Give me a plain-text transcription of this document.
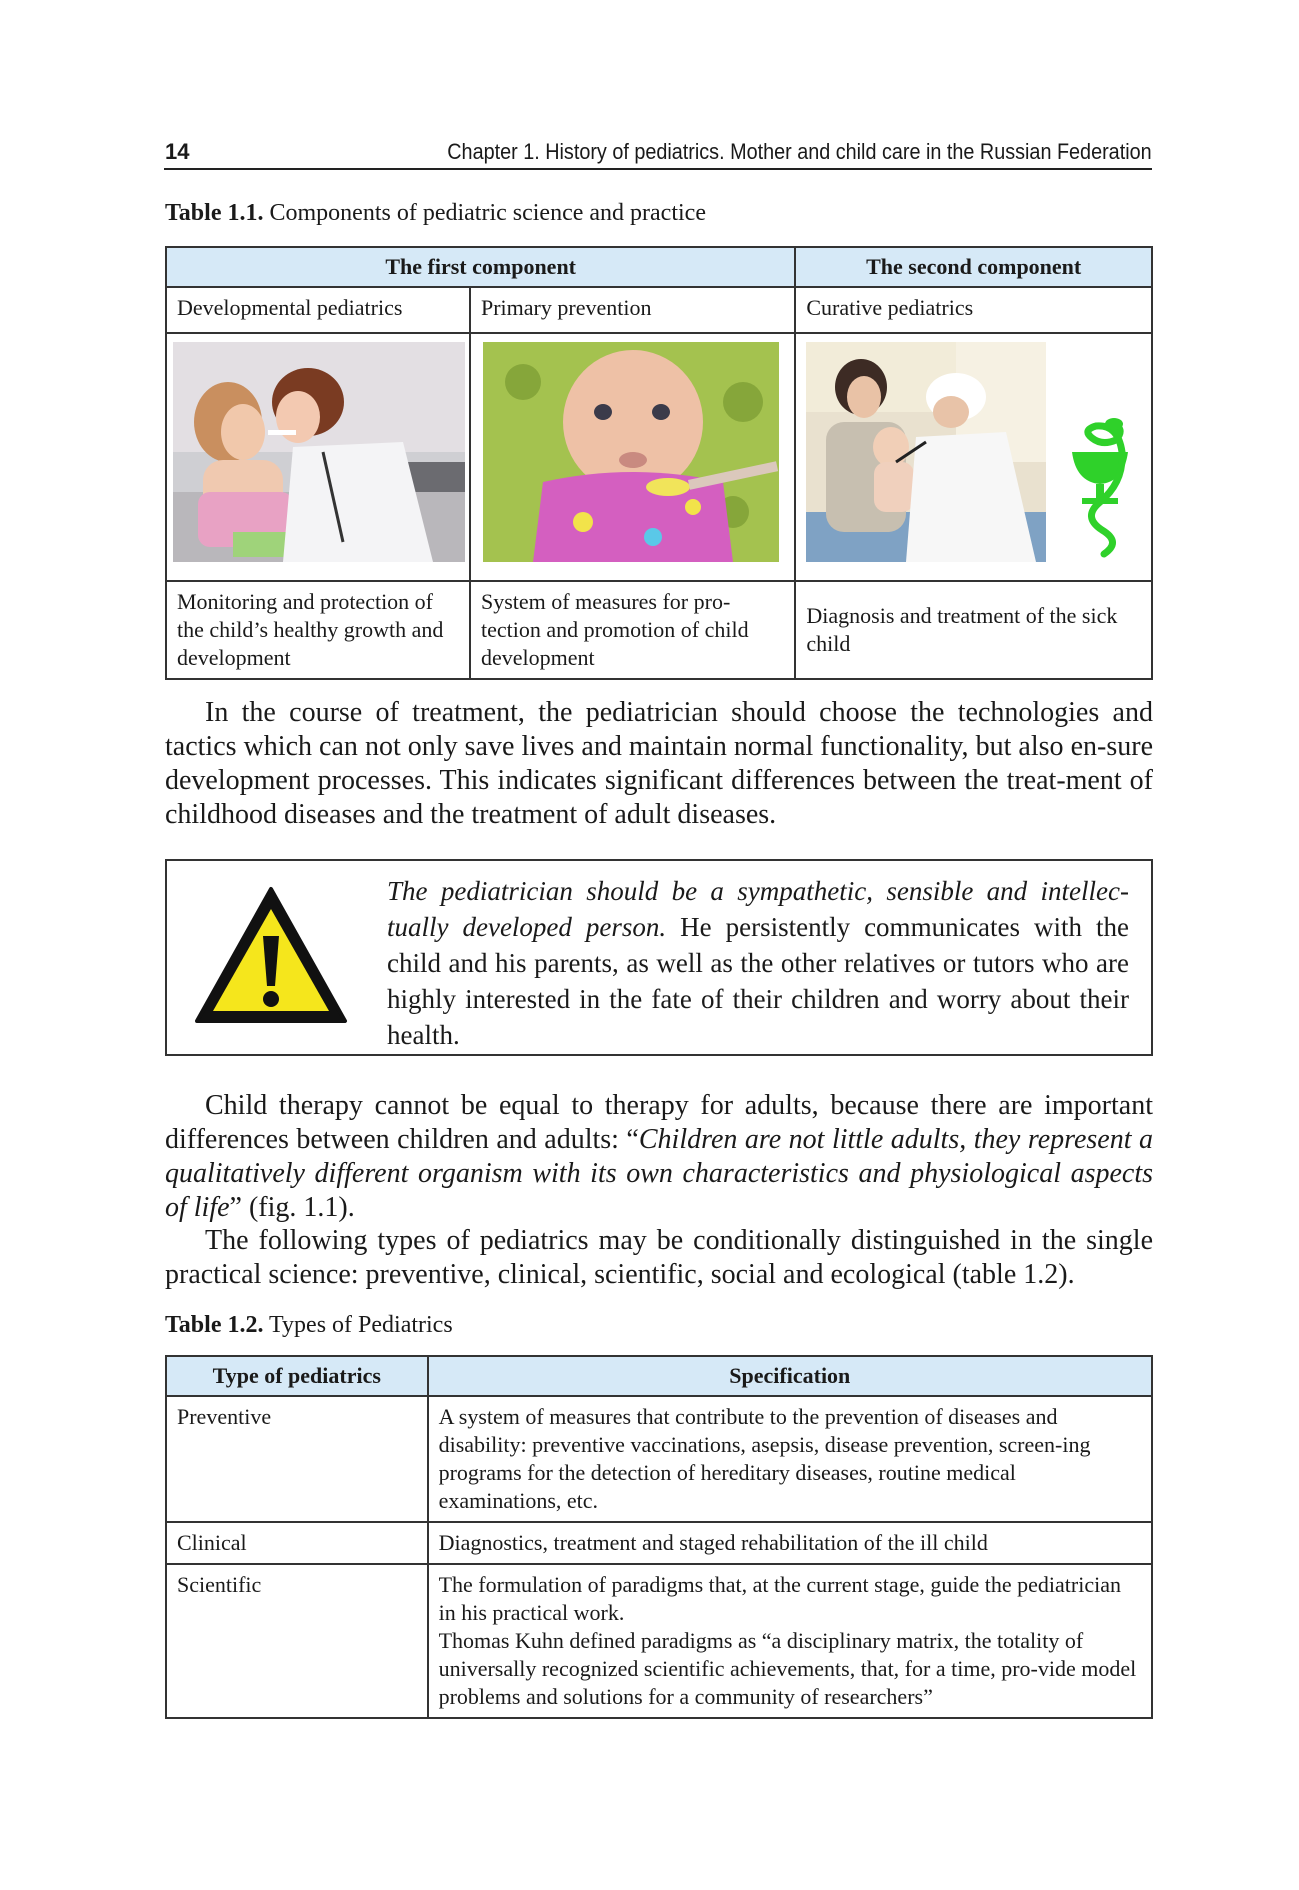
14	Chapter 1. History of pediatrics. Mother and child care in the Russian Federation
Table 1.1. Components of pediatric science and practice
The first component		The second component
Developmental pediatrics	Primary prevention	Curative pediatrics

Monitoring and protection of the child’s healthy growth and development	System of measures for pro-tection and promotion of child development	Diagnosis and treatment of the sick child

In the course of treatment, the pediatrician should choose the technologies and tactics which can not only save lives and maintain normal functionality, but also en-sure development processes. This indicates significant differences between the treat-ment of childhood diseases and the treatment of adult diseases.

The pediatrician should be a sympathetic, sensible and intellec-tually developed person. He persistently communicates with the child and his parents, as well as the other relatives or tutors who are highly interested in the fate of their children and worry about their health.

Child therapy cannot be equal to therapy for adults, because there are important differences between children and adults: “Children are not little adults, they represent a qualitatively different organism with its own characteristics and physiological aspects of life” (fig. 1.1).

The following types of pediatrics may be conditionally distinguished in the single practical science: preventive, clinical, scientific, social and ecological (table 1.2).

Table 1.2. Types of Pediatrics
Type of pediatrics	Specification
Preventive	A system of measures that contribute to the prevention of diseases and disability: preventive vaccinations, asepsis, disease prevention, screen-ing programs for the detection of hereditary diseases, routine medical examinations, etc.
Clinical	Diagnostics, treatment and staged rehabilitation of the ill child
Scientific	The formulation of paradigms that, at the current stage, guide the pediatrician in his practical work.
Thomas Kuhn defined paradigms as “a disciplinary matrix, the totality of universally recognized scientific achievements, that, for a time, pro-vide model problems and solutions for a community of researchers”
